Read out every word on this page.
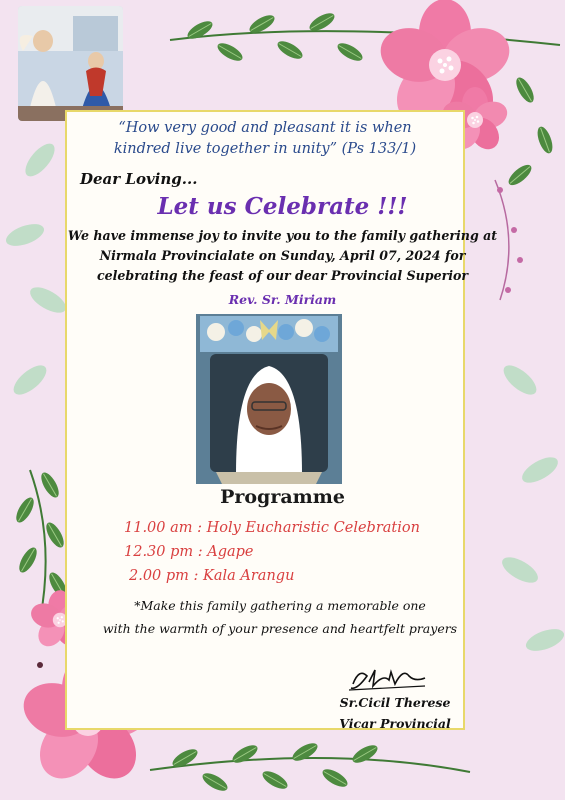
“How very good and pleasant it is when
kindred live together in unity” (Ps 133/1)
Dear Loving...
Let us Celebrate !!!
We have immense joy to invite you to the family gathering at
Nirmala Provincialate on Sunday, April 07, 2024 for
celebrating the feast of our dear Provincial Superior
Rev. Sr. Miriam
Programme
11.00 am : Holy Eucharistic Celebration
12.30 pm : Agape
2.00 pm : Kala Arangu
*Make this family gathering a memorable one
with the warmth of your presence and heartfelt prayers
Sr.Cicil Therese
Vicar Provincial
